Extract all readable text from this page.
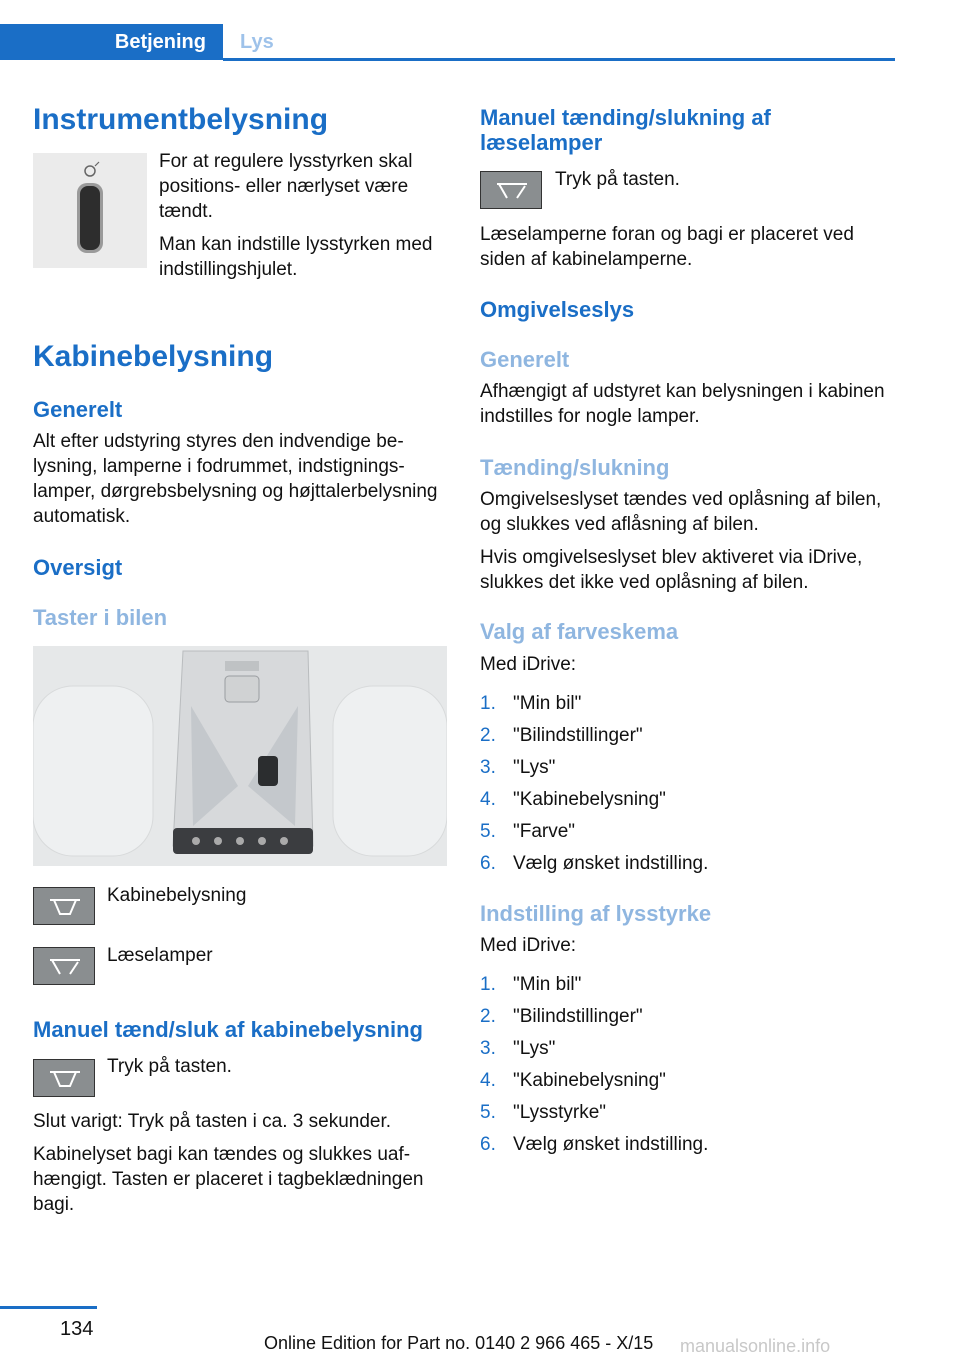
Betjening	Lys
Instrumentbelysning
For at regulere lysstyrken skal positions- eller nærlyset være tændt.
Man kan indstille lysstyrken med indstillingshjulet.
Kabinebelysning
Generelt
Alt efter udstyring styres den indvendige belysning, lamperne i fodrummet, indstigningslamper, dørgrebsbelysning og højttalerbelysning automatisk.
Oversigt
Taster i bilen
Kabinebelysning
Læselamper
Manuel tænd/sluk af kabinebelysning
Tryk på tasten.
Slut varigt: Tryk på tasten i ca. 3 sekunder.
Kabinelyset bagi kan tændes og slukkes uafhængigt. Tasten er placeret i tagbeklædningen bagi.
Manuel tænding/slukning af læselamper
Tryk på tasten.
Læselamperne foran og bagi er placeret ved siden af kabinelamperne.
Omgivelseslys
Generelt
Afhængigt af udstyret kan belysningen i kabinen indstilles for nogle lamper.
Tænding/slukning
Omgivelseslyset tændes ved oplåsning af bilen, og slukkes ved aflåsning af bilen.
Hvis omgivelseslyset blev aktiveret via iDrive, slukkes det ikke ved oplåsning af bilen.
Valg af farveskema
Med iDrive:
1. "Min bil"
2. "Bilindstillinger"
3. "Lys"
4. "Kabinebelysning"
5. "Farve"
6. Vælg ønsket indstilling.
Indstilling af lysstyrke
Med iDrive:
1. "Min bil"
2. "Bilindstillinger"
3. "Lys"
4. "Kabinebelysning"
5. "Lysstyrke"
6. Vælg ønsket indstilling.
134
Online Edition for Part no. 0140 2 966 465 - X/15 manualsonline.info
